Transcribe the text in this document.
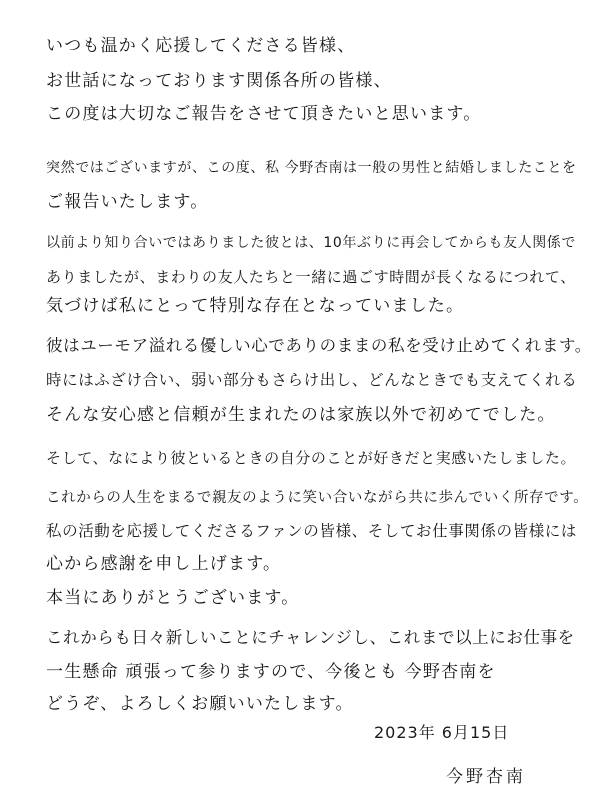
いつも温かく応援してくださる皆様、
お世話になっております関係各所の皆様、
この度は大切なご報告をさせて頂きたいと思います。
突然ではございますが、この度、私 今野杏南は一般の男性と結婚しましたことを
ご報告いたします。
以前より知り合いではありました彼とは、10年ぶりに再会してからも友人関係で
ありましたが、まわりの友人たちと一緒に過ごす時間が長くなるにつれて、
気づけば私にとって特別な存在となっていました。
彼はユーモア溢れる優しい心でありのままの私を受け止めてくれます。
時にはふざけ合い、弱い部分もさらけ出し、どんなときでも支えてくれる
そんな安心感と信頼が生まれたのは家族以外で初めてでした。
そして、なにより彼といるときの自分のことが好きだと実感いたしました。
これからの人生をまるで親友のように笑い合いながら共に歩んでいく所存です。
私の活動を応援してくださるファンの皆様、そしてお仕事関係の皆様には
心から感謝を申し上げます。
本当にありがとうございます。
これからも日々新しいことにチャレンジし、これまで以上にお仕事を
一生懸命 頑張って参りますので、今後とも 今野杏南を
どうぞ、よろしくお願いいたします。
2023年 6月15日
今野杏南
